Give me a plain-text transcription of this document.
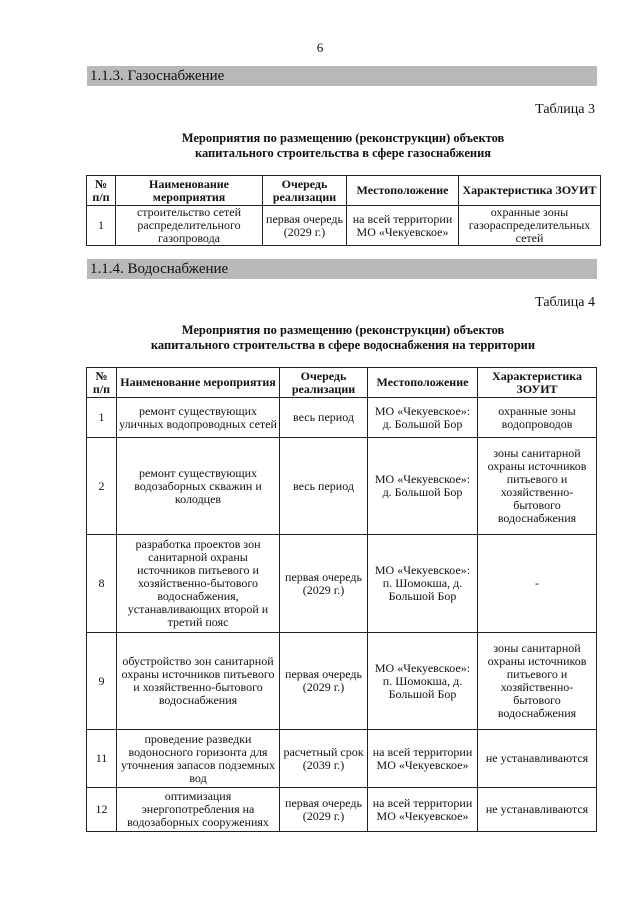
6
1.1.3. Газоснабжение
Таблица 3
Мероприятия по размещению (реконструкции) объектов
капитального строительства в сфере газоснабжения
№ п/п	Наименование мероприятия	Очередь реализации	Местоположение	Характеристика ЗОУИТ
1	строительство сетей распределительного газопровода	первая очередь (2029 г.)	на всей территории МО «Чекуевское»	охранные зоны газораспределительных сетей
1.1.4. Водоснабжение
Таблица 4
Мероприятия по размещению (реконструкции) объектов
капитального строительства в сфере водоснабжения на территории
№ п/п	Наименование мероприятия	Очередь реализации	Местоположение	Характеристика ЗОУИТ
1	ремонт существующих уличных водопроводных сетей	весь период	МО «Чекуевское»: д. Большой Бор	охранные зоны водопроводов
2	ремонт существующих водозаборных скважин и колодцев	весь период	МО «Чекуевское»: д. Большой Бор	зоны санитарной охраны источников питьевого и хозяйственно-бытового водоснабжения
8	разработка проектов зон санитарной охраны источников питьевого и хозяйственно-бытового водоснабжения, устанавливающих второй и третий пояс	первая очередь (2029 г.)	МО «Чекуевское»: п. Шомокша, д. Большой Бор	-
9	обустройство зон санитарной охраны источников питьевого и хозяйственно-бытового водоснабжения	первая очередь (2029 г.)	МО «Чекуевское»: п. Шомокша, д. Большой Бор	зоны санитарной охраны источников питьевого и хозяйственно-бытового водоснабжения
11	проведение разведки водоносного горизонта для уточнения запасов подземных вод	расчетный срок (2039 г.)	на всей территории МО «Чекуевское»	не устанавливаются
12	оптимизация энергопотребления на водозаборных сооружениях	первая очередь (2029 г.)	на всей территории МО «Чекуевское»	не устанавливаются
